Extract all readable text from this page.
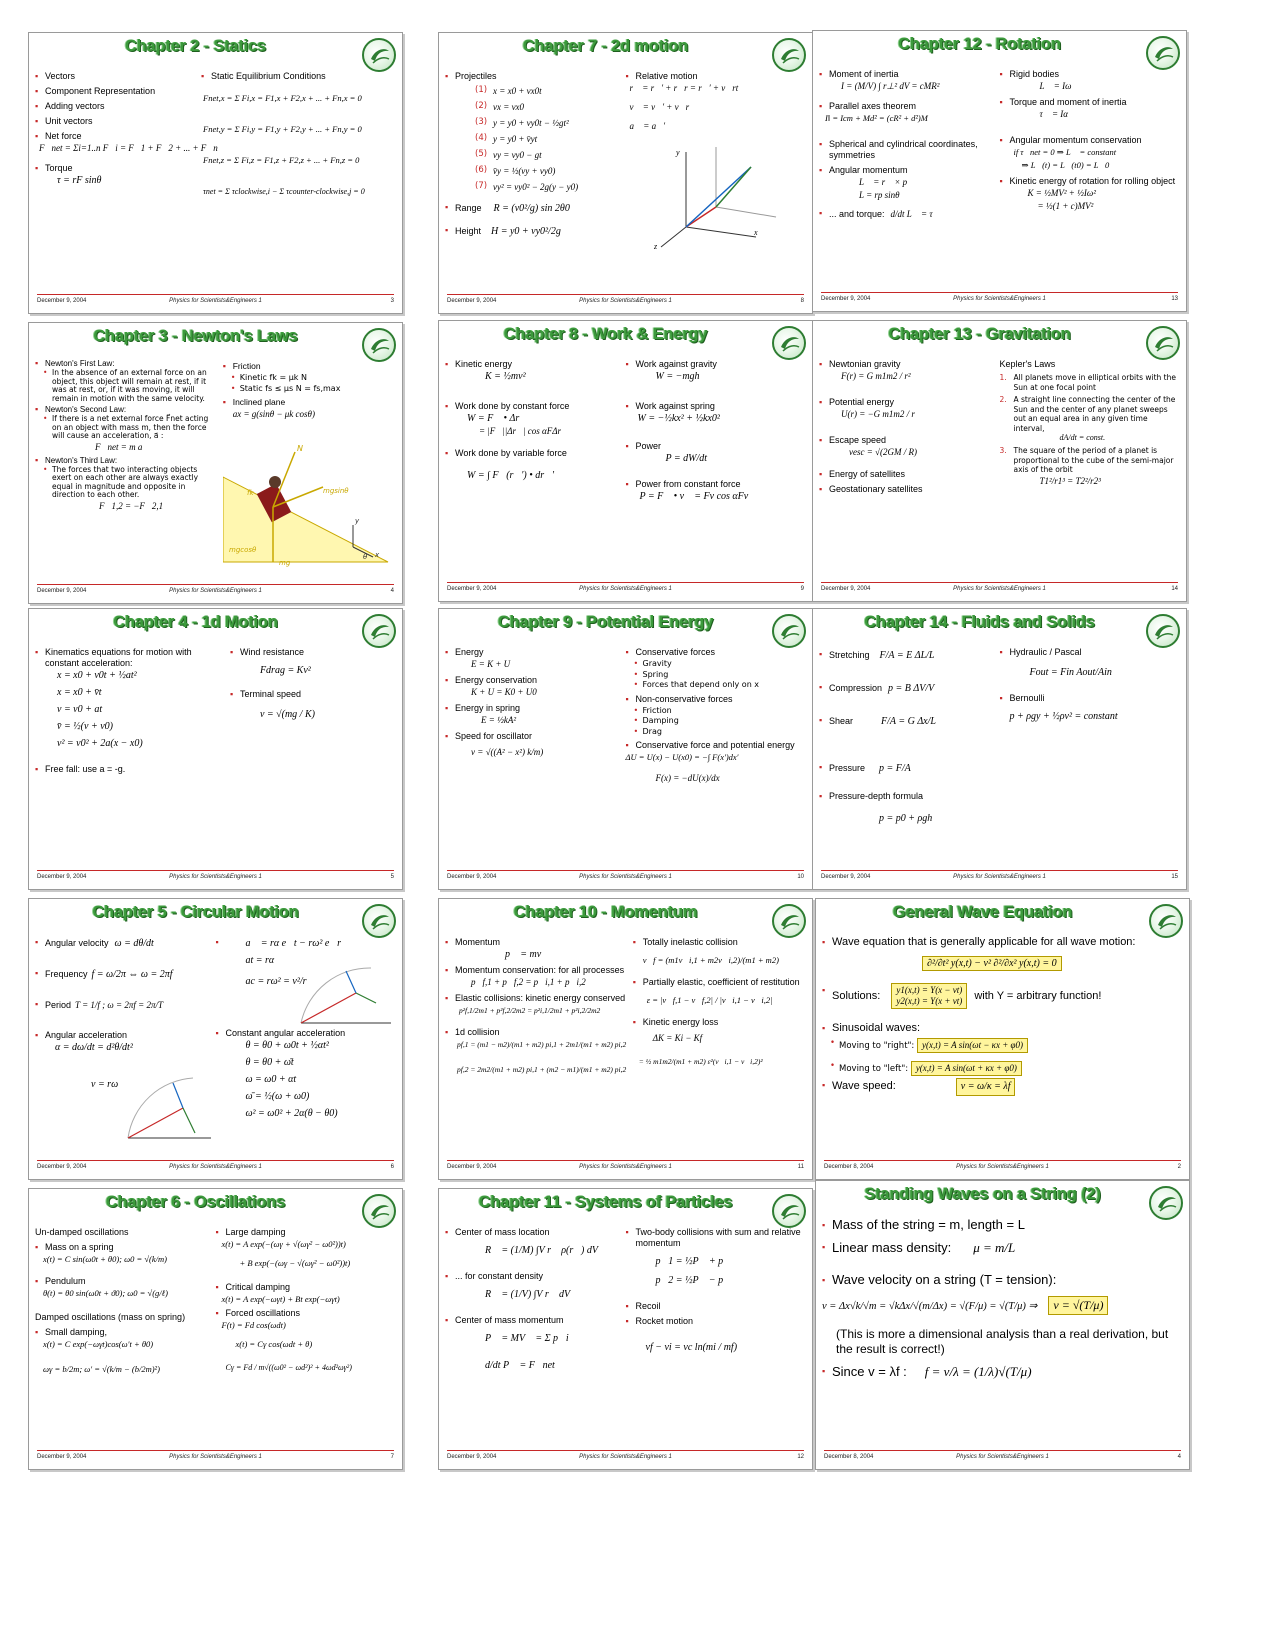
Chapter 2 - Statics
▪ Vectors
▪ Component Representation
▪ Adding vectors
▪ Unit vectors
▪ Net force
F⃗net = Σi=1..n F⃗i = F⃗1 + F⃗2 + ... + F⃗n
▪ Torque
τ = rF sinθ
▪ Static Equilibrium Conditions
Fnet,x = Σ Fi,x = F1,x + F2,x + ... + Fn,x = 0
Fnet,y = Σ Fi,y = F1,y + F2,y + ... + Fn,y = 0
Fnet,z = Σ Fi,z = F1,z + F2,z + ... + Fn,z = 0
τnet = Σ τclockwise,i − Σ τcounter-clockwise,j = 0
December 9, 2004	Physics for Scientists&Engineers 1	3
Chapter 7 - 2d motion
▪ Projectiles
(1) x = x0 + vx0t
(2) vx = vx0
(3) y = y0 + vy0t − ½gt²
(4) y = y0 + v̄yt
(5) vy = vy0 − gt
(6) v̄y = ½(vy + vy0)
(7) vy² = vy0² − 2g(y − y0)
▪ Range R = (v0²/g) sin 2θ0
▪ Height H = y0 + vy0²/2g
▪ Relative motion
r⃗ = r⃗′ + r⃗r = r⃗′ + v⃗rt
v⃗ = v⃗′ + v⃗r
a⃗ = a⃗′
y
z
x
December 9, 2004	Physics for Scientists&Engineers 1	8
Chapter 12 - Rotation
▪ Moment of inertia
I = (M/V) ∫ r⊥² dV = cMR²
▪ Parallel axes theorem
I‖ = Icm + Md² = (cR² + d²)M
▪ Spherical and cylindrical coordinates, symmetries
▪ Angular momentum
L⃗ = r⃗ × p⃗
L = rp sinθ
▪ ... and torque: d/dt L⃗ = τ⃗
▪ Rigid bodies
L⃗ = Iω⃗
▪ Torque and moment of inertia
τ⃗ = Iα⃗
▪ Angular momentum conservation
if τ⃗net = 0 ⇒ L⃗ = constant
⇒ L⃗(t) = L⃗(t0) = L⃗0
▪ Kinetic energy of rotation for rolling object
K = ½MV² + ½Iω²
= ½(1 + c)MV²
December 9, 2004	Physics for Scientists&Engineers 1	13
Chapter 3 - Newton's Laws
▪ Newton's First Law:
• In the absence of an external force on an object, this object will remain at rest, if it was at rest, or, if it was moving, it will remain in motion with the same velocity.
▪ Newton's Second Law:
• If there is a net external force F⃗net acting on an object with mass m, then the force will cause an acceleration, a⃗ :
F⃗net = m a⃗
▪ Newton's Third Law:
• The forces that two interacting objects exert on each other are always exactly equal in magnitude and opposite in direction to each other.
F⃗1,2 = −F⃗2,1
▪ Friction
• Kinetic fk = μk N
• Static fs ≤ μs N = fs,max
▪ Inclined plane
ax = g(sinθ − μk cosθ)
N
fk	mgsinθ
mgcosθ
mg
θ
y
x
December 9, 2004	Physics for Scientists&Engineers 1	4
Chapter 8 - Work & Energy
▪ Kinetic energy
K = ½mv²
▪ Work done by constant force
W = F⃗ • Δr⃗
= |F⃗||Δr⃗| cos αFΔr
▪ Work done by variable force
W = ∫ F⃗(r⃗′) • dr⃗′
▪ Work against gravity
W = −mgh
▪ Work against spring
W = −½kx² + ½kx0²
▪ Power
P = dW/dt
▪ Power from constant force
P = F⃗ • v⃗ = Fv cos αFv
December 9, 2004	Physics for Scientists&Engineers 1	9
Chapter 13 - Gravitation
▪ Newtonian gravity
F(r) = G m1m2 / r²
▪ Potential energy
U(r) = −G m1m2 / r
▪ Escape speed
vesc = √(2GM / R)
▪ Energy of satellites
▪ Geostationary satellites
Kepler's Laws
1. All planets move in elliptical orbits with the Sun at one focal point
2. A straight line connecting the center of the Sun and the center of any planet sweeps out an equal area in any given time interval,
dA/dt = const.
3. The square of the period of a planet is proportional to the cube of the semi-major axis of the orbit
T1²/r1³ = T2²/r2³
December 9, 2004	Physics for Scientists&Engineers 1	14
Chapter 4 - 1d Motion
▪ Kinematics equations for motion with constant acceleration:
x = x0 + v0t + ½at²
x = x0 + v̄t
v = v0 + at
v̄ = ½(v + v0)
v² = v0² + 2a(x − x0)
▪ Free fall: use a = -g.
▪ Wind resistance
Fdrag = Kv²
▪ Terminal speed
v = √(mg / K)
December 9, 2004	Physics for Scientists&Engineers 1	5
Chapter 9 - Potential Energy
▪ Energy
E = K + U
▪ Energy conservation
K + U = K0 + U0
▪ Energy in spring
E = ½kA²
▪ Speed for oscillator
v = √((A² − x²) k/m)
▪ Conservative forces
• Gravity
• Spring
• Forces that depend only on x
▪ Non-conservative forces
• Friction
• Damping
• Drag
▪ Conservative force and potential energy
ΔU = U(x) − U(x0) = −∫ F(x′)dx′
F(x) = −dU(x)/dx
December 9, 2004	Physics for Scientists&Engineers 1	10
Chapter 14 - Fluids and Solids
▪ Stretching F/A = E ΔL/L
▪ Compression p = B ΔV/V
▪ Shear	F/A = G Δx/L
▪ Pressure p = F/A
▪ Pressure-depth formula
p = p0 + ρgh
▪ Hydraulic / Pascal
Fout = Fin Aout/Ain
▪ Bernoulli
p + ρgy + ½ρv² = constant
December 9, 2004	Physics for Scientists&Engineers 1	15
Chapter 5 - Circular Motion
▪ Angular velocity ω = dθ/dt
▪ Frequency f = ω/2π ⇔ ω = 2πf
▪ Period T = 1/f ; ω = 2πf = 2π/T
▪ Angular acceleration
α = dω/dt = d²θ/dt²
v = rω
▪ a⃗ = rα e⃗t − rω² e⃗r
at = rα
ac = rω² = v²/r
▪ Constant angular acceleration
θ = θ0 + ω0t + ½αt²
θ = θ0 + ω̄t
ω = ω0 + αt
ω̄ = ½(ω + ω0)
ω² = ω0² + 2α(θ − θ0)
December 9, 2004	Physics for Scientists&Engineers 1	6
Chapter 10 - Momentum
▪ Momentum
p⃗ = mv⃗
▪ Momentum conservation: for all processes
p⃗f,1 + p⃗f,2 = p⃗i,1 + p⃗i,2
▪ Elastic collisions: kinetic energy conserved
p²f,1/2m1 + p²f,2/2m2 = p²i,1/2m1 + p²i,2/2m2
▪ 1d collision
pf,1 = (m1 − m2)/(m1 + m2) pi,1 + 2m1/(m1 + m2) pi,2
pf,2 = 2m2/(m1 + m2) pi,1 + (m2 − m1)/(m1 + m2) pi,2
▪ Totally inelastic collision
v⃗f = (m1v⃗i,1 + m2v⃗i,2)/(m1 + m2)
▪ Partially elastic, coefficient of restitution
ε = |v⃗f,1 − v⃗f,2| / |v⃗i,1 − v⃗i,2|
▪ Kinetic energy loss
ΔK = Ki − Kf
= ½ m1m2/(m1 + m2) ε²(v⃗i,1 − v⃗i,2)²
December 9, 2004	Physics for Scientists&Engineers 1	11
General Wave Equation
▪ Wave equation that is generally applicable for all wave motion:
∂²/∂t² y(x,t) − v² ∂²/∂x² y(x,t) = 0
▪ Solutions: y1(x,t) = Y(x − vt)
y2(x,t) = Y(x + vt) with Y = arbitrary function!
▪ Sinusoidal waves:
• Moving to "right": y(x,t) = A sin(ωt − κx + φ0)
• Moving to "left": y(x,t) = A sin(ωt + κx + φ0)
▪ Wave speed:	v = ω/κ = λf
December 8, 2004	Physics for Scientists&Engineers 1	2
Chapter 6 - Oscillations
Un-damped oscillations
▪ Mass on a spring
x(t) = C sin(ω0t + θ0); ω0 = √(k/m)
▪ Pendulum
θ(t) = θ0 sin(ω0t + ϑ0); ω0 = √(g/ℓ)
Damped oscillations (mass on spring)
▪ Small damping,
x(t) = C exp(−ωγt)cos(ω′t + θ0)
ωγ = b/2m; ω′ = √(k/m − (b/2m)²)
▪ Large damping
x(t) = A exp(−(ωγ + √(ωγ² − ω0²))t)
+ B exp(−(ωγ − √(ωγ² − ω0²))t)
▪ Critical damping
x(t) = A exp(−ωγt) + Bt exp(−ωγt)
▪ Forced oscillations
F(t) = Fd cos(ωdt)
x(t) = Cγ cos(ωdt + θ)
Cγ = Fd / m√((ω0² − ωd²)² + 4ωd²ωγ²)
December 9, 2004	Physics for Scientists&Engineers 1	7
Chapter 11 - Systems of Particles
▪ Center of mass location
R⃗ = (1/M) ∫V r⃗ ρ(r⃗) dV
▪ ... for constant density
R⃗ = (1/V) ∫V r⃗ dV
▪ Center of mass momentum
P⃗ = MV⃗ = Σ p⃗i
d/dt P⃗ = F⃗net
▪ Two-body collisions with sum and relative momentum
p⃗1 = ½P⃗ + p⃗
p⃗2 = ½P⃗ − p⃗
▪ Recoil
▪ Rocket motion
vf − vi = vc ln(mi / mf)
December 9, 2004	Physics for Scientists&Engineers 1	12
Standing Waves on a String (2)
▪ Mass of the string = m, length = L
▪ Linear mass density: μ = m/L
▪ Wave velocity on a string (T = tension):
v = Δx√k/√m = √kΔx/√(m/Δx) = √(F/μ) = √(T/μ) ⇒ v = √(T/μ)
(This is more a dimensional analysis than a real derivation, but the result is correct!)
▪ Since v = λf : f = v/λ = (1/λ)√(T/μ)
December 8, 2004	Physics for Scientists&Engineers 1	4
